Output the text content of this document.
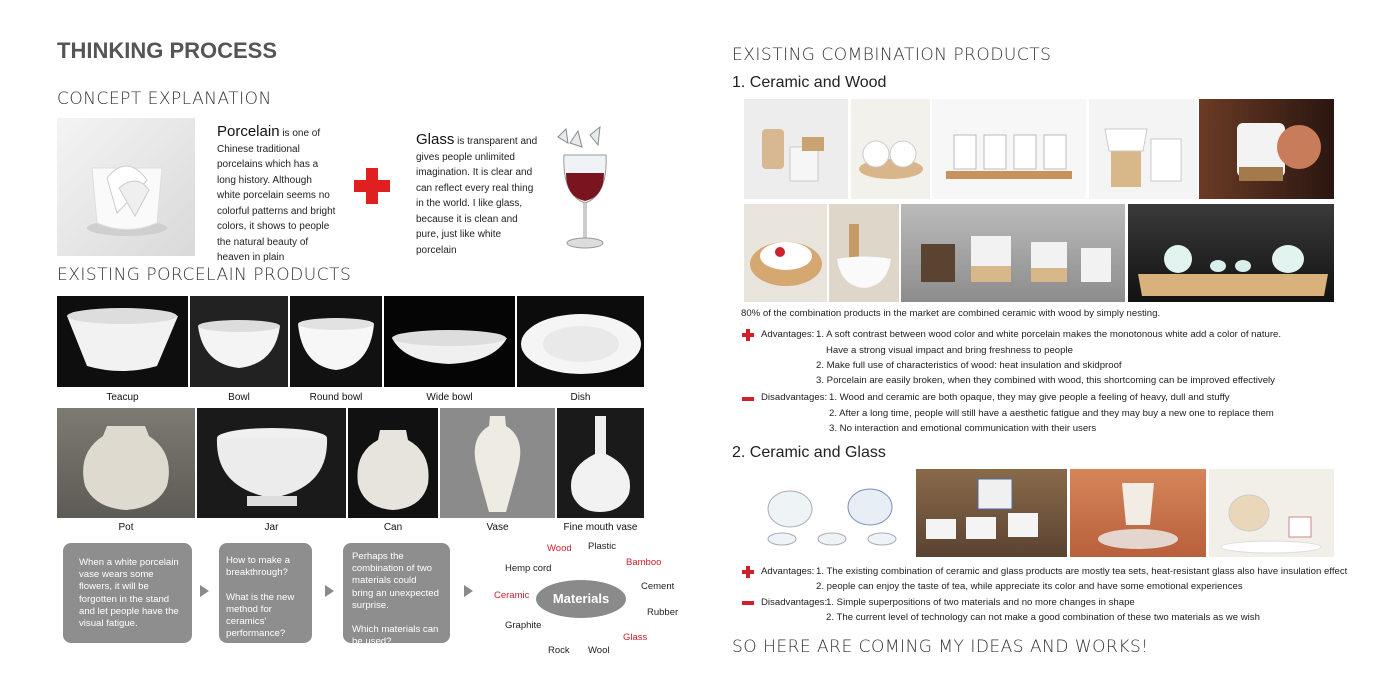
THINKING PROCESS
CONCEPT EXPLANATION
Porcelain is one of Chinese traditional porcelains which has a long history. Although white porcelain seems no colorful patterns and bright colors, it shows to people the natural beauty of heaven in plain
Glass is transparent and gives people unlimited imagination. It is clear and can reflect every real thing in the world. I like glass, because it is clean and pure, just like white porcelain
EXISTING PORCELAIN PRODUCTS
Teacup	Bowl	Round bowl	Wide bowl	Dish
Pot	Jar	Can	Vase	Fine mouth vase
When a white porcelain vase wears some flowers, it will be forgotten in the stand and let people have the visual fatigue.
How to make a breakthrough?

What is the new method for ceramics' performance?
Perhaps the combination of two materials could bring an unexpected surprise.

Which materials can be used?
Materials
Wood Plastic
Bamboo
Hemp cord
Cement
Ceramic
Rubber
Graphite
Glass
Rock Wool
EXISTING COMBINATION PRODUCTS
1. Ceramic and Wood
80% of the combination products in the market are combined ceramic with wood by simply nesting.
Advantages: 1. A soft contrast between wood color and white porcelain makes the monotonous white add a color of nature.
Have a strong visual impact and bring freshness to people
2. Make full use of characteristics of wood: heat insulation and skidproof
3. Porcelain are easily broken, when they combined with wood, this shortcoming can be improved effectively
Disadvantages: 1. Wood and ceramic are both opaque, they may give people a feeling of heavy, dull and stuffy
2. After a long time, people will still have a aesthetic fatigue and they may buy a new one to replace them
3. No interaction and emotional communication with their users
2. Ceramic and Glass
Advantages: 1. The existing combination of ceramic and glass products are mostly tea sets, heat-resistant glass also have insulation effect
2. people can enjoy the taste of tea, while appreciate its color and have some emotional experiences
Disadvantages:
1. Simple superpositions of two materials and no more changes in shape
2. The current level of technology can not make a good combination of these two materials as we wish
SO HERE ARE COMING MY IDEAS AND WORKS!
